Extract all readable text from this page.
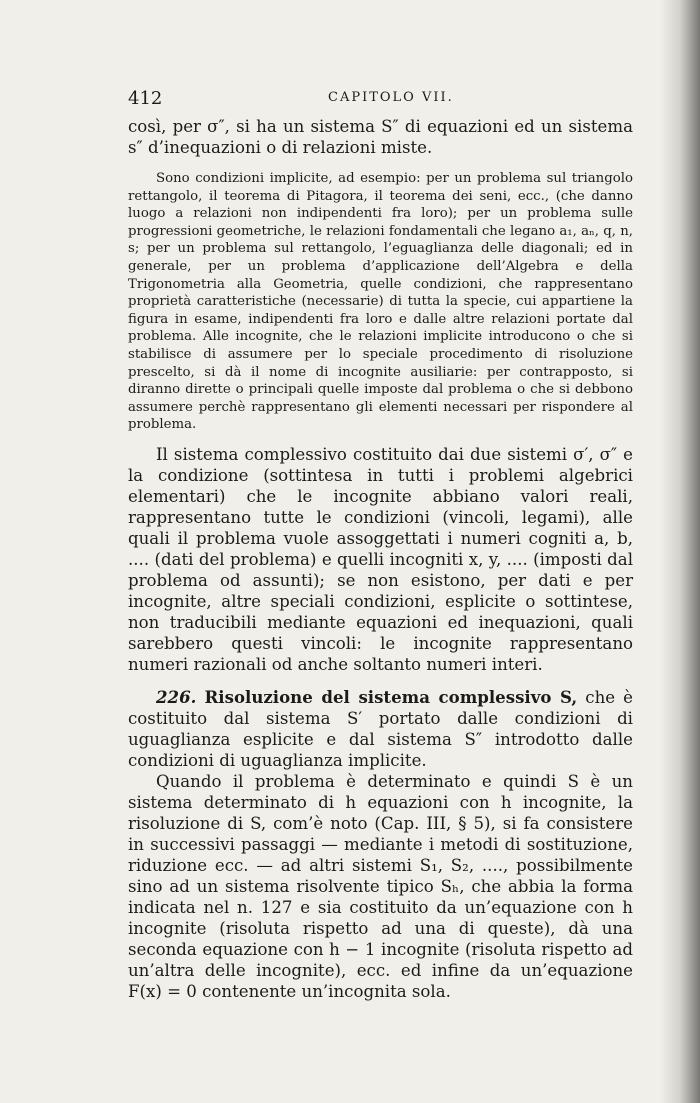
412	CAPITOLO VII.

così, per σ″, si ha un sistema S″ di equazioni ed un sistema s″ d’inequazioni o di relazioni miste.

Sono condizioni implicite, ad esempio: per un problema sul triangolo rettangolo, il teorema di Pitagora, il teorema dei seni, ecc., (che danno luogo a relazioni non indipendenti fra loro); per un problema sulle progressioni geometriche, le relazioni fondamentali che legano a₁, aₙ, q, n, s; per un problema sul rettangolo, l’eguaglianza delle diagonali; ed in generale, per un problema d’applicazione dell’Algebra e della Trigonometria alla Geometria, quelle condizioni, che rappresentano proprietà caratteristiche (necessarie) di tutta la specie, cui appartiene la figura in esame, indipendenti fra loro e dalle altre relazioni portate dal problema. Alle incognite, che le relazioni implicite introducono o che si stabilisce di assumere per lo speciale procedimento di risoluzione prescelto, si dà il nome di incognite ausiliarie: per contrapposto, si diranno dirette o principali quelle imposte dal problema o che si debbono assumere perchè rappresentano gli elementi necessari per rispondere al problema.

Il sistema complessivo costituito dai due sistemi σ′, σ″ e la condizione (sottintesa in tutti i problemi algebrici elementari) che le incognite abbiano valori reali, rappresentano tutte le condizioni (vincoli, legami), alle quali il problema vuole assoggettati i numeri cogniti a, b, .... (dati del problema) e quelli incogniti x, y, .... (imposti dal problema od assunti); se non esistono, per dati e per incognite, altre speciali condizioni, esplicite o sottintese, non traducibili mediante equazioni ed inequazioni, quali sarebbero questi vincoli: le incognite rappresentano numeri razionali od anche soltanto numeri interi.

226. Risoluzione del sistema complessivo S, che è costituito dal sistema S′ portato dalle condizioni di uguaglianza esplicite e dal sistema S″ introdotto dalle condizioni di uguaglianza implicite.

Quando il problema è determinato e quindi S è un sistema determinato di h equazioni con h incognite, la risoluzione di S, com’è noto (Cap. III, § 5), si fa consistere in successivi passaggi — mediante i metodi di sostituzione, riduzione ecc. — ad altri sistemi S₁, S₂, ...., possibilmente sino ad un sistema risolvente tipico Sₕ, che abbia la forma indicata nel n. 127 e sia costituito da un’equazione con h incognite (risoluta rispetto ad una di queste), dà una seconda equazione con h − 1 incognite (risoluta rispetto ad un’altra delle incognite), ecc. ed infine da un’equazione F(x) = 0 contenente un’incognita sola.
